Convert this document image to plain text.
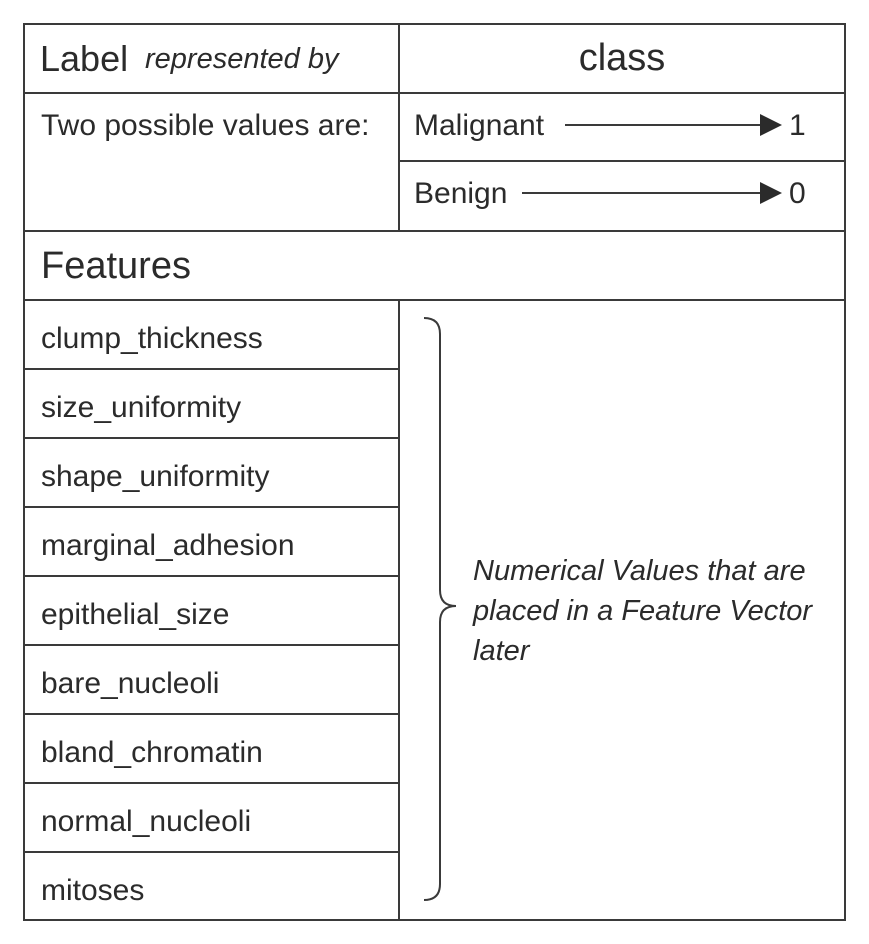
Label represented by	class
Two possible values are: Malignant	1
Benign	0
Features
clump_thickness
size_uniformity
shape_uniformity
marginal_adhesion
epithelial_size
bare_nucleoli
bland_chromatin
normal_nucleoli
mitoses
Numerical Values that are placed in a Feature Vector later
